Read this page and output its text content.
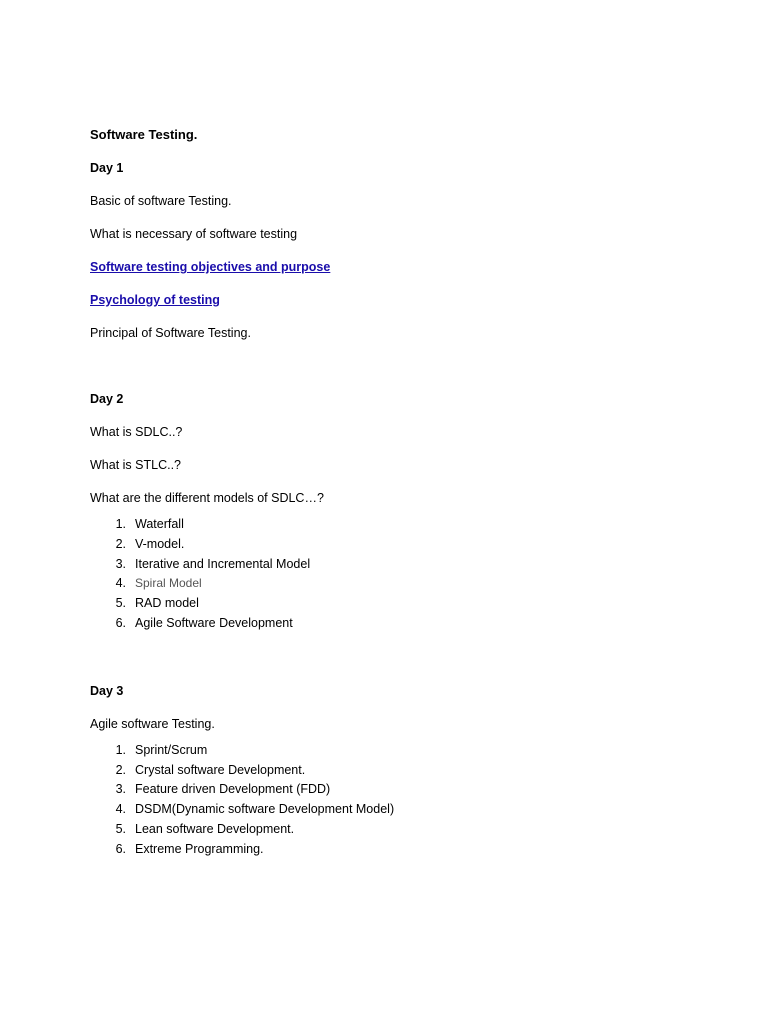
Software Testing.
Day 1
Basic of software Testing.
What is necessary of software testing
Software testing objectives and purpose
Psychology of testing
Principal of Software Testing.
Day 2
What is SDLC..?
What is STLC..?
What are the different models of SDLC…?
1. Waterfall
2. V-model.
3. Iterative and Incremental Model
4. Spiral Model
5. RAD model
6. Agile Software Development
Day 3
Agile software Testing.
1. Sprint/Scrum
2. Crystal software Development.
3. Feature driven Development (FDD)
4. DSDM(Dynamic software Development Model)
5. Lean software Development.
6. Extreme Programming.
